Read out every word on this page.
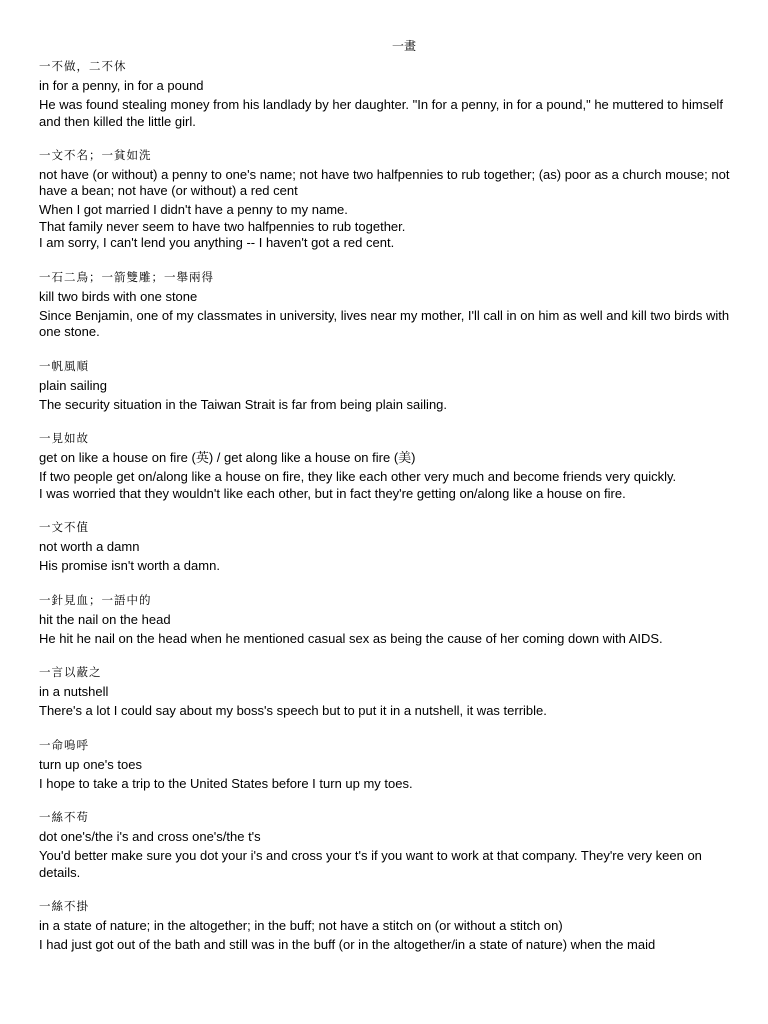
一畫
一不做，二不休
in for a penny, in for a pound
He was found stealing money from his landlady by her daughter. "In for a penny, in for a pound," he muttered to himself and then killed the little girl.
一文不名；一貧如洗
not have (or without) a penny to one's name; not have two halfpennies to rub together; (as) poor as a church mouse; not have a bean; not have (or without) a red cent
When I got married I didn't have a penny to my name.
That family never seem to have two halfpennies to rub together.
I am sorry, I can't lend you anything -- I haven't got a red cent.
一石二鳥；一箭雙雕；一舉兩得
kill two birds with one stone
Since Benjamin, one of my classmates in university, lives near my mother, I'll call in on him as well and kill two birds with one stone.
一帆風順
plain sailing
The security situation in the Taiwan Strait is far from being plain sailing.
一見如故
get on like a house on fire (英) / get along like a house on fire (美)
If two people get on/along like a house on fire, they like each other very much and become friends very quickly.
I was worried that they wouldn't like each other, but in fact they're getting on/along like a house on fire.
一文不值
not worth a damn
His promise isn't worth a damn.
一針見血；一語中的
hit the nail on the head
He hit he nail on the head when he mentioned casual sex as being the cause of her coming down with AIDS.
一言以蔽之
in a nutshell
There's a lot I could say about my boss's speech but to put it in a nutshell, it was terrible.
一命嗚呼
turn up one's toes
I hope to take a trip to the United States before I turn up my toes.
一絲不苟
dot one's/the i's and cross one's/the t's
You'd better make sure you dot your i's and cross your t's if you want to work at that company. They're very keen on details.
一絲不掛
in a state of nature; in the altogether; in the buff; not have a stitch on (or without a stitch on)
I had just got out of the bath and still was in the buff (or in the altogether/in a state of nature) when the maid
